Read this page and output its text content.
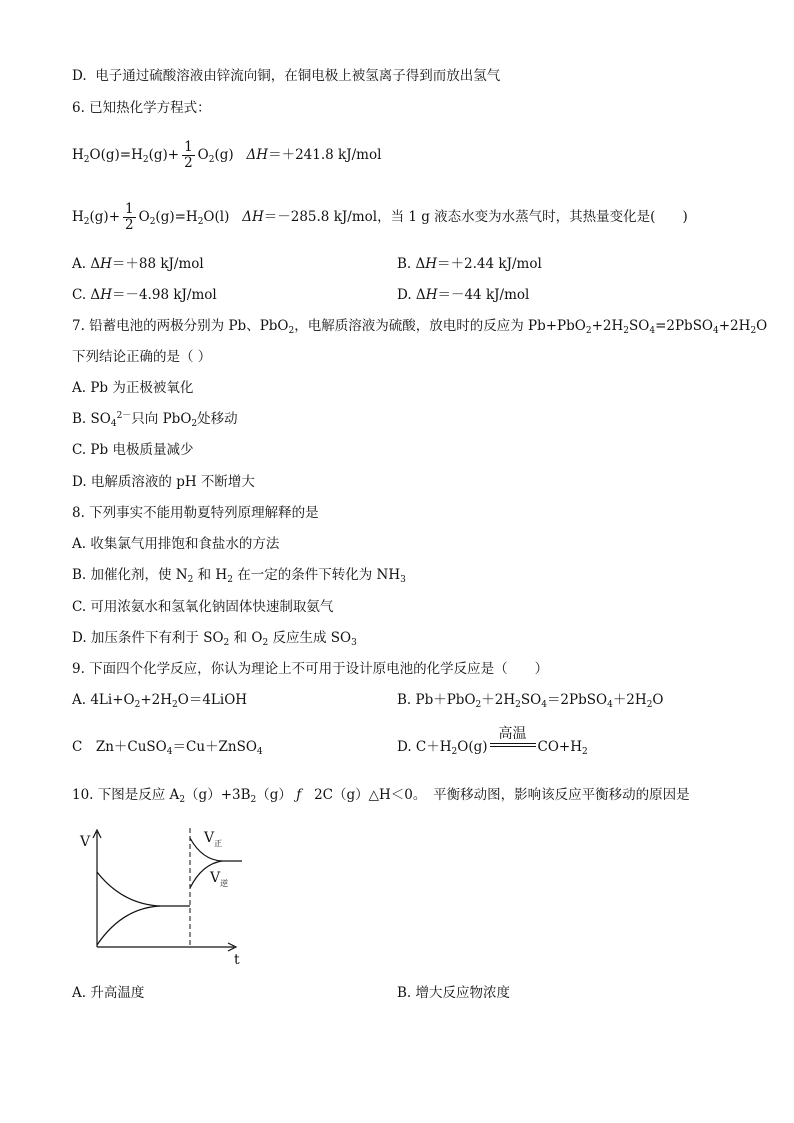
D. 电子通过硫酸溶液由锌流向铜，在铜电极上被氢离子得到而放出氢气
6. 已知热化学方程式：
$H_2O(g)=H_2(g)+ \frac{1}{2} O_2(g)$ ΔH＝＋241.8 kJ/mol
$H_2(g)+ \frac{1}{2} O_2(g)=H_2O(l)$ ΔH＝－285.8 kJ/mol，当 1 g 液态水变为水蒸气时，其热量变化是(　　)
A. ΔH＝＋88 kJ/mol	B. ΔH＝＋2.44 kJ/mol
C. ΔH＝－4.98 kJ/mol	D. ΔH＝－44 kJ/mol
7. 铅蓄电池的两极分别为 Pb、PbO$_2$，电解质溶液为硫酸，放电时的反应为 $Pb+PbO_2+2H_2SO_4=2PbSO_4+2H_2O$
下列结论正确的是（ ）
A. Pb 为正极被氧化
B. $SO_4^{2-}$只向 PbO$_2$处移动
C. Pb 电极质量减少
D. 电解质溶液的 pH 不断增大
8. 下列事实不能用勒夏特列原理解释的是
A. 收集氯气用排饱和食盐水的方法
B. 加催化剂，使 $N_2$ 和 $H_2$ 在一定的条件下转化为 $NH_3$
C. 可用浓氨水和氢氧化钠固体快速制取氨气
D. 加压条件下有利于 $SO_2$ 和 $O_2$ 反应生成 $SO_3$
9. 下面四个化学反应，你认为理论上不可用于设计原电池的化学反应是（　　）
A. $4Li+O_2+2H_2O=4LiOH$	B. $Pb+PbO_2+2H_2SO_4=2PbSO_4+2H_2O$
C　Zn＋CuSO$_4$＝Cu＋ZnSO$_4$	D. $C+H_2O(g)$
高温
$CO+H_2$
10. 下图是反应 $A_2(g)+3B_2(g)$ ƒ 2C（g）△H＜0。　平衡移动图，影响该反应平衡移动的原因是
V
t
$V_正$
$V_逆$
A. 升高温度	B. 增大反应物浓度
